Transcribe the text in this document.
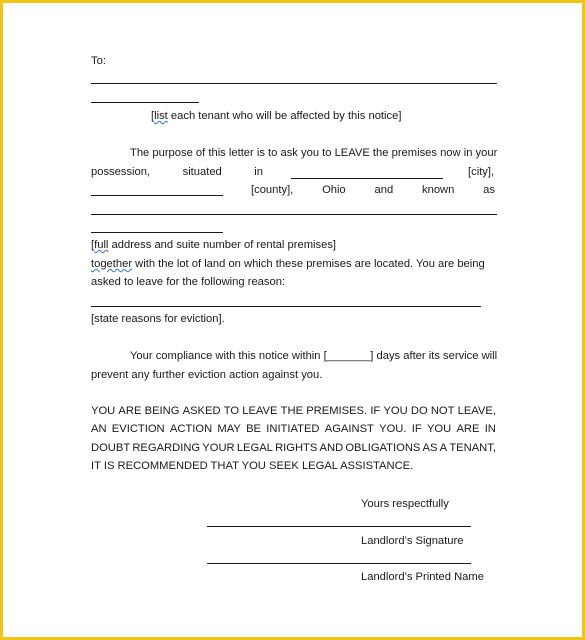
To:
[list each tenant who will be affected by this notice]
The purpose of this letter is to ask you to LEAVE the premises now in your
possession,	situated	in	[city],
[county],	Ohio	and	known	as
[full address and suite number of rental premises]
together with the lot of land on which these premises are located. You are being
asked to leave for the following reason:
[state reasons for eviction].
Your compliance with this notice within [_______] days after its service will
prevent any further eviction action against you.
YOU ARE BEING ASKED TO LEAVE THE PREMISES. IF YOU DO NOT LEAVE,
AN EVICTION ACTION MAY BE INITIATED AGAINST YOU. IF YOU ARE IN
DOUBT REGARDING YOUR LEGAL RIGHTS AND OBLIGATIONS AS A TENANT,
IT IS RECOMMENDED THAT YOU SEEK LEGAL ASSISTANCE.
Yours respectfully
Landlord’s Signature
Landlord’s Printed Name
